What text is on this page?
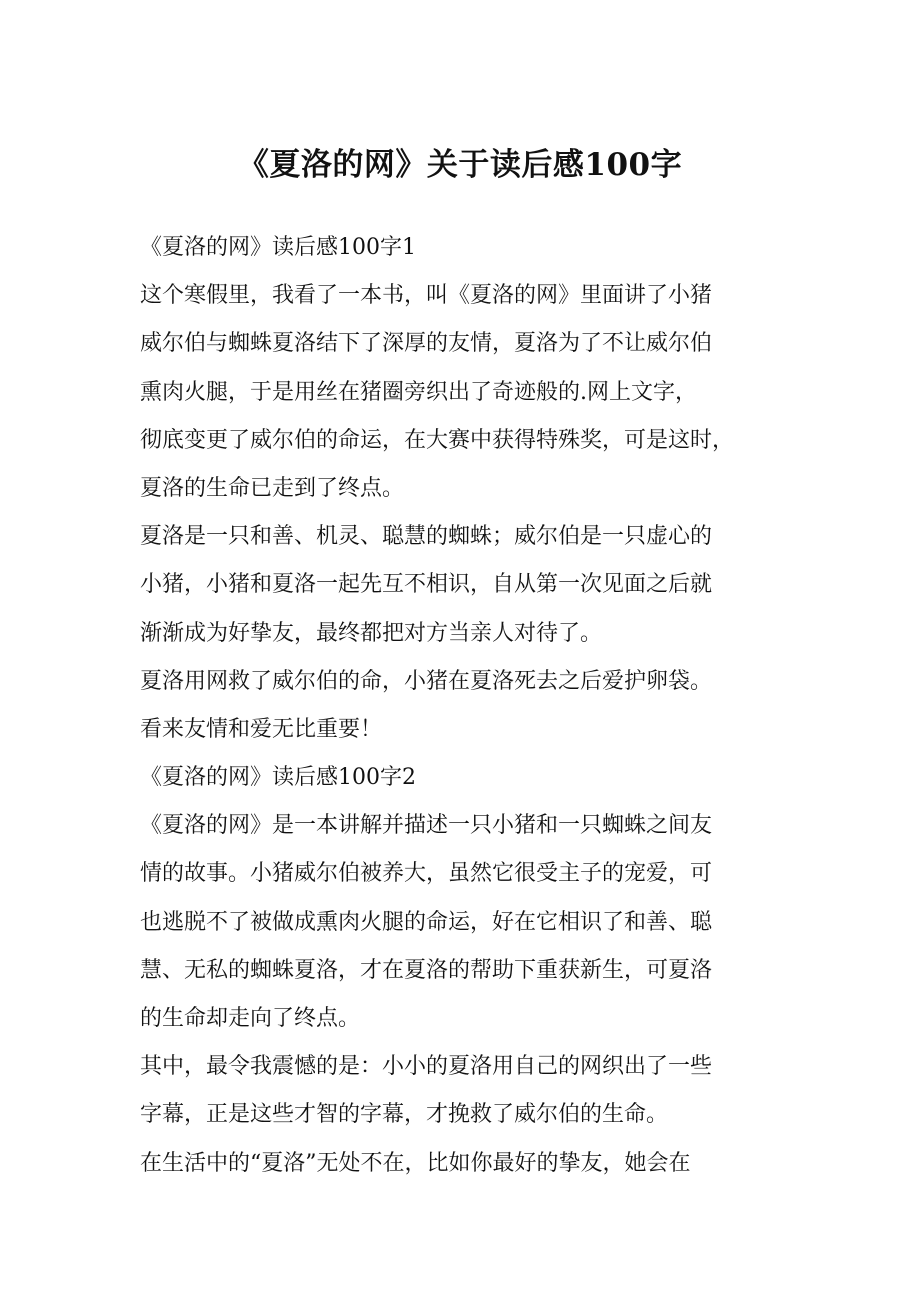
《夏洛的网》关于读后感100字
《夏洛的网》读后感100字1
这个寒假里，我看了一本书，叫《夏洛的网》里面讲了小猪
威尔伯与蜘蛛夏洛结下了深厚的友情，夏洛为了不让威尔伯
熏肉火腿，于是用丝在猪圈旁织出了奇迹般的.网上文字，
彻底变更了威尔伯的命运，在大赛中获得特殊奖，可是这时，
夏洛的生命已走到了终点。
夏洛是一只和善、机灵、聪慧的蜘蛛；威尔伯是一只虚心的
小猪，小猪和夏洛一起先互不相识，自从第一次见面之后就
渐渐成为好挚友，最终都把对方当亲人对待了。
夏洛用网救了威尔伯的命，小猪在夏洛死去之后爱护卵袋。
看来友情和爱无比重要！
《夏洛的网》读后感100字2
《夏洛的网》是一本讲解并描述一只小猪和一只蜘蛛之间友
情的故事。小猪威尔伯被养大，虽然它很受主子的宠爱，可
也逃脱不了被做成熏肉火腿的命运，好在它相识了和善、聪
慧、无私的蜘蛛夏洛，才在夏洛的帮助下重获新生，可夏洛
的生命却走向了终点。
其中，最令我震憾的是：小小的夏洛用自己的网织出了一些
字幕，正是这些才智的字幕，才挽救了威尔伯的生命。
在生活中的“夏洛”无处不在，比如你最好的挚友，她会在
